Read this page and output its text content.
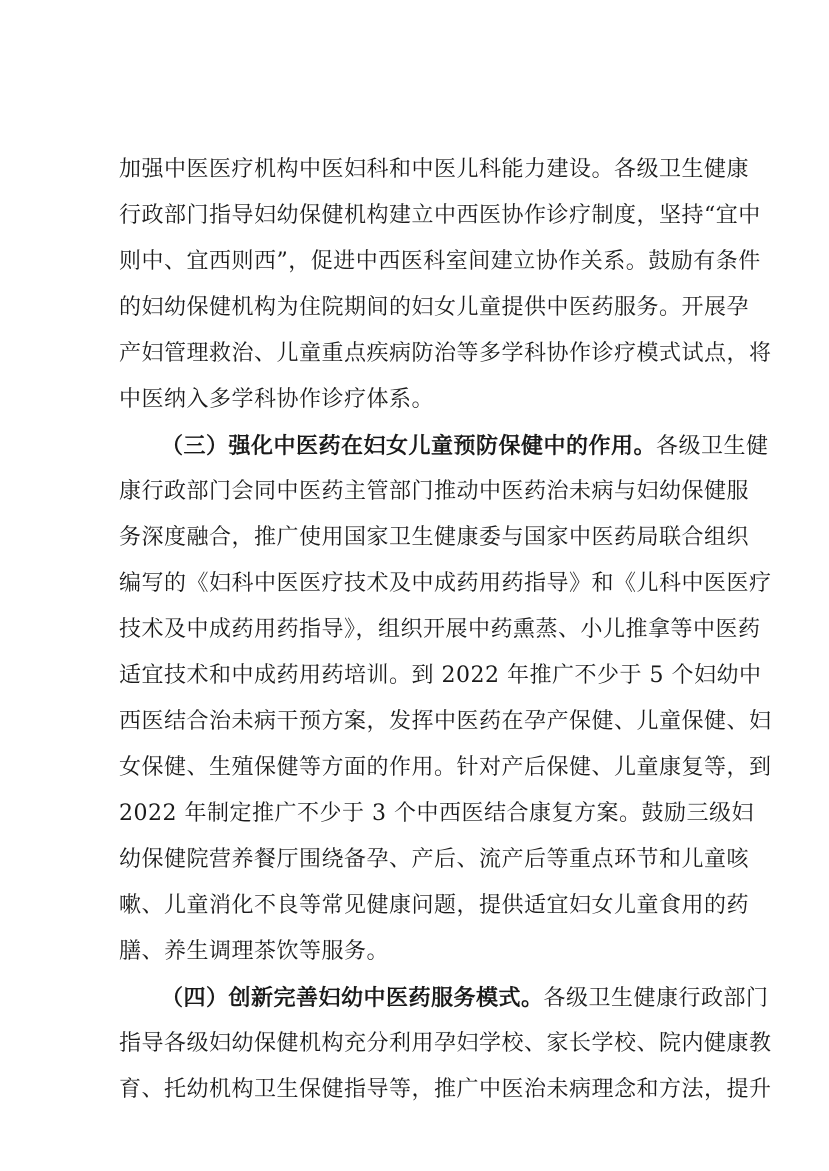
加强中医医疗机构中医妇科和中医儿科能力建设。各级卫生健康
行政部门指导妇幼保健机构建立中西医协作诊疗制度，坚持“宜中
则中、宜西则西”，促进中西医科室间建立协作关系。鼓励有条件
的妇幼保健机构为住院期间的妇女儿童提供中医药服务。开展孕
产妇管理救治、儿童重点疾病防治等多学科协作诊疗模式试点，将
中医纳入多学科协作诊疗体系。
（三）强化中医药在妇女儿童预防保健中的作用。各级卫生健
康行政部门会同中医药主管部门推动中医药治未病与妇幼保健服
务深度融合，推广使用国家卫生健康委与国家中医药局联合组织
编写的《妇科中医医疗技术及中成药用药指导》和《儿科中医医疗
技术及中成药用药指导》，组织开展中药熏蒸、小儿推拿等中医药
适宜技术和中成药用药培训。到 2022 年推广不少于 5 个妇幼中
西医结合治未病干预方案，发挥中医药在孕产保健、儿童保健、妇
女保健、生殖保健等方面的作用。针对产后保健、儿童康复等，到
2022 年制定推广不少于 3 个中西医结合康复方案。鼓励三级妇
幼保健院营养餐厅围绕备孕、产后、流产后等重点环节和儿童咳
嗽、儿童消化不良等常见健康问题，提供适宜妇女儿童食用的药
膳、养生调理茶饮等服务。
（四）创新完善妇幼中医药服务模式。各级卫生健康行政部门
指导各级妇幼保健机构充分利用孕妇学校、家长学校、院内健康教
育、托幼机构卫生保健指导等，推广中医治未病理念和方法，提升
